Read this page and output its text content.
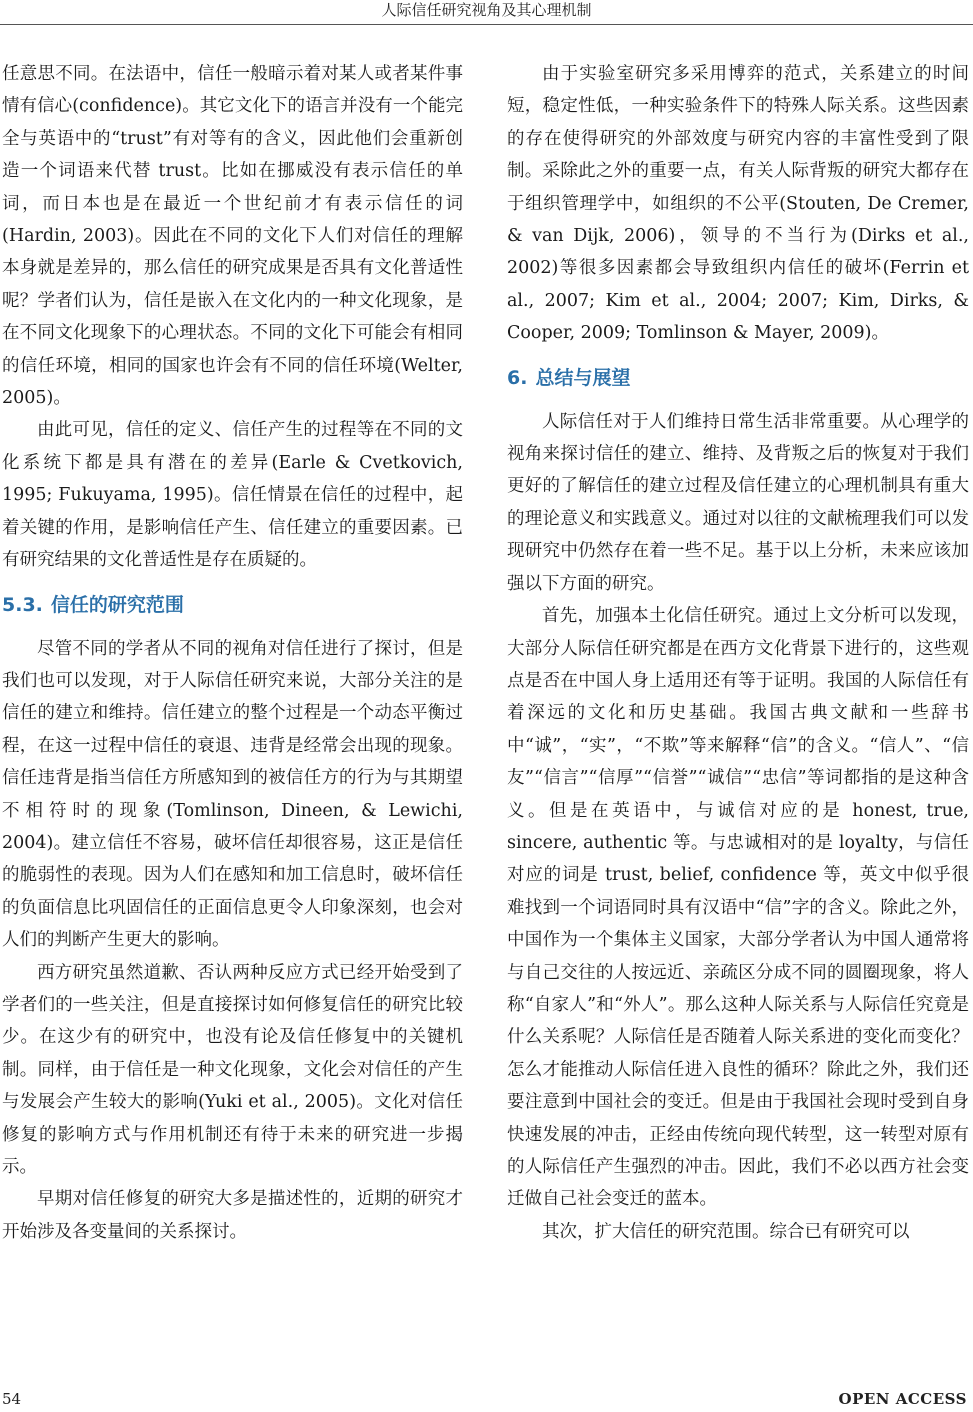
人际信任研究视角及其心理机制

任意思不同。在法语中，信任一般暗示着对某人或者某件事情有信心(confidence)。其它文化下的语言并没有一个能完全与英语中的“trust”有对等有的含义，因此他们会重新创造一个词语来代替 trust。比如在挪威没有表示信任的单词，而日本也是在最近一个世纪前才有表示信任的词(Hardin, 2003)。因此在不同的文化下人们对信任的理解本身就是差异的，那么信任的研究成果是否具有文化普适性呢？学者们认为，信任是嵌入在文化内的一种文化现象，是在不同文化现象下的心理状态。不同的文化下可能会有相同的信任环境，相同的国家也许会有不同的信任环境(Welter, 2005)。

由此可见，信任的定义、信任产生的过程等在不同的文化系统下都是具有潜在的差异(Earle & Cvetkovich, 1995; Fukuyama, 1995)。信任情景在信任的过程中，起着关键的作用，是影响信任产生、信任建立的重要因素。已有研究结果的文化普适性是存在质疑的。

5.3. 信任的研究范围

尽管不同的学者从不同的视角对信任进行了探讨，但是我们也可以发现，对于人际信任研究来说，大部分关注的是信任的建立和维持。信任建立的整个过程是一个动态平衡过程，在这一过程中信任的衰退、违背是经常会出现的现象。信任违背是指当信任方所感知到的被信任方的行为与其期望不相符时的现象(Tomlinson, Dineen, & Lewichi, 2004)。建立信任不容易，破坏信任却很容易，这正是信任的脆弱性的表现。因为人们在感知和加工信息时，破坏信任的负面信息比巩固信任的正面信息更令人印象深刻，也会对人们的判断产生更大的影响。

西方研究虽然道歉、否认两种反应方式已经开始受到了学者们的一些关注，但是直接探讨如何修复信任的研究比较少。在这少有的研究中，也没有论及信任修复中的关键机制。同样，由于信任是一种文化现象，文化会对信任的产生与发展会产生较大的影响(Yuki et al., 2005)。文化对信任修复的影响方式与作用机制还有待于未来的研究进一步揭示。

早期对信任修复的研究大多是描述性的，近期的研究才开始涉及各变量间的关系探讨。

由于实验室研究多采用博弈的范式，关系建立的时间短，稳定性低，一种实验条件下的特殊人际关系。这些因素的存在使得研究的外部效度与研究内容的丰富性受到了限制。采除此之外的重要一点，有关人际背叛的研究大都存在于组织管理学中，如组织的不公平(Stouten, De Cremer, & van Dijk, 2006)，领导的不当行为(Dirks et al., 2002)等很多因素都会导致组织内信任的破坏(Ferrin et al., 2007; Kim et al., 2004; 2007; Kim, Dirks, & Cooper, 2009; Tomlinson & Mayer, 2009)。

6. 总结与展望

人际信任对于人们维持日常生活非常重要。从心理学的视角来探讨信任的建立、维持、及背叛之后的恢复对于我们更好的了解信任的建立过程及信任建立的心理机制具有重大的理论意义和实践意义。通过对以往的文献梳理我们可以发现研究中仍然存在着一些不足。基于以上分析，未来应该加强以下方面的研究。

首先，加强本土化信任研究。通过上文分析可以发现，大部分人际信任研究都是在西方文化背景下进行的，这些观点是否在中国人身上适用还有等于证明。我国的人际信任有着深远的文化和历史基础。我国古典文献和一些辞书中“诚”，“实”，“不欺”等来解释“信”的含义。“信人”、“信友”“信言”“信厚”“信誉”“诚信”“忠信”等词都指的是这种含义。但是在英语中，与诚信对应的是 honest, true, sincere, authentic 等。与忠诚相对的是 loyalty，与信任对应的词是 trust, belief, confidence 等，英文中似乎很难找到一个词语同时具有汉语中“信”字的含义。除此之外，中国作为一个集体主义国家，大部分学者认为中国人通常将与自己交往的人按远近、亲疏区分成不同的圆圈现象，将人称“自家人”和“外人”。那么这种人际关系与人际信任究竟是什么关系呢？人际信任是否随着人际关系进的变化而变化？怎么才能推动人际信任进入良性的循环？除此之外，我们还要注意到中国社会的变迁。但是由于我国社会现时受到自身快速发展的冲击，正经由传统向现代转型，这一转型对原有的人际信任产生强烈的冲击。因此，我们不必以西方社会变迁做自己社会变迁的蓝本。

其次，扩大信任的研究范围。综合已有研究可以

54	OPEN ACCESS
